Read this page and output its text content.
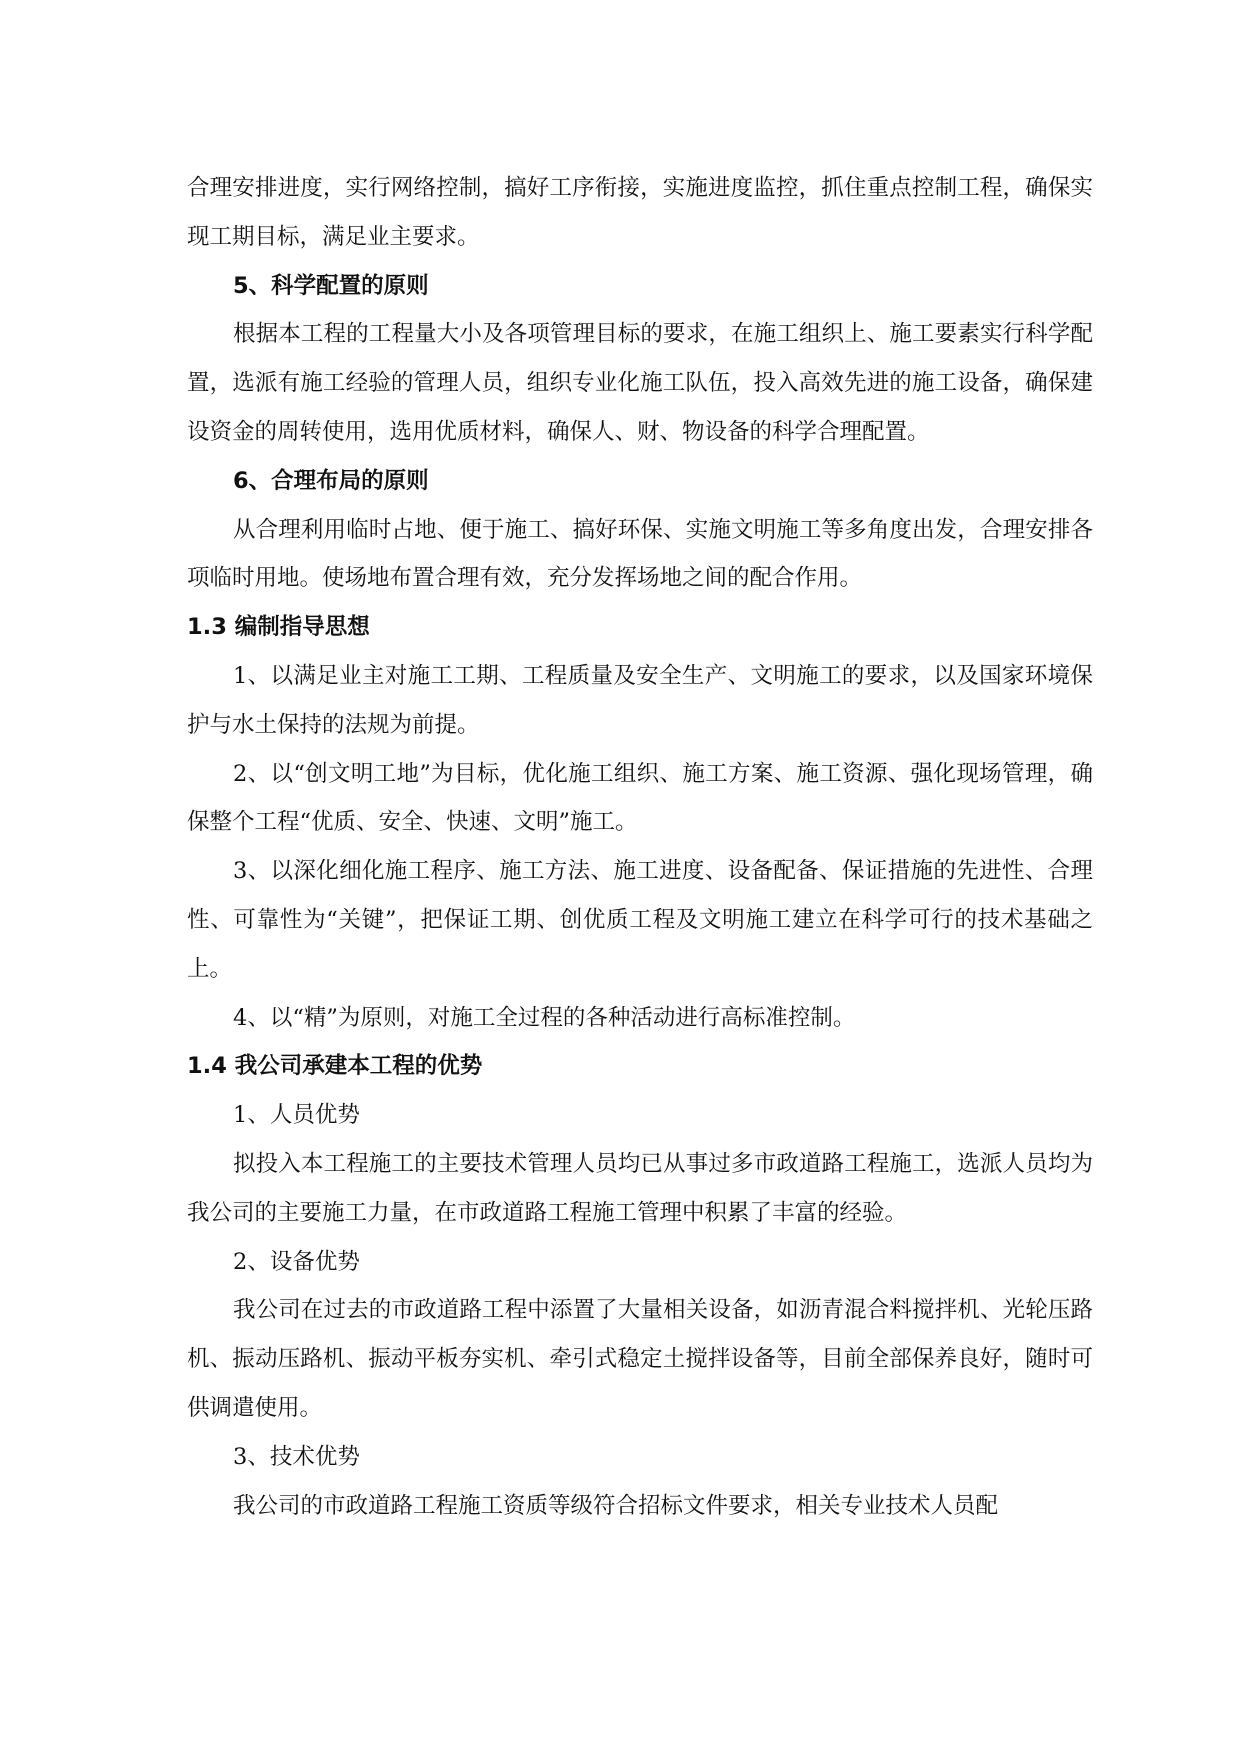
合理安排进度，实行网络控制，搞好工序衔接，实施进度监控，抓住重点控制工程，确保实现工期目标，满足业主要求。

5、科学配置的原则

根据本工程的工程量大小及各项管理目标的要求，在施工组织上、施工要素实行科学配置，选派有施工经验的管理人员，组织专业化施工队伍，投入高效先进的施工设备，确保建设资金的周转使用，选用优质材料，确保人、财、物设备的科学合理配置。

6、合理布局的原则

从合理利用临时占地、便于施工、搞好环保、实施文明施工等多角度出发，合理安排各项临时用地。使场地布置合理有效，充分发挥场地之间的配合作用。

1.3 编制指导思想

1、以满足业主对施工工期、工程质量及安全生产、文明施工的要求，以及国家环境保护与水土保持的法规为前提。

2、以“创文明工地”为目标，优化施工组织、施工方案、施工资源、强化现场管理，确保整个工程“优质、安全、快速、文明”施工。

3、以深化细化施工程序、施工方法、施工进度、设备配备、保证措施的先进性、合理性、可靠性为“关键”，把保证工期、创优质工程及文明施工建立在科学可行的技术基础之上。

4、以“精”为原则，对施工全过程的各种活动进行高标准控制。

1.4 我公司承建本工程的优势

1、人员优势

拟投入本工程施工的主要技术管理人员均已从事过多市政道路工程施工，选派人员均为我公司的主要施工力量，在市政道路工程施工管理中积累了丰富的经验。

2、设备优势

我公司在过去的市政道路工程中添置了大量相关设备，如沥青混合料搅拌机、光轮压路机、振动压路机、振动平板夯实机、牵引式稳定土搅拌设备等，目前全部保养良好，随时可供调遣使用。

3、技术优势

我公司的市政道路工程施工资质等级符合招标文件要求，相关专业技术人员配
